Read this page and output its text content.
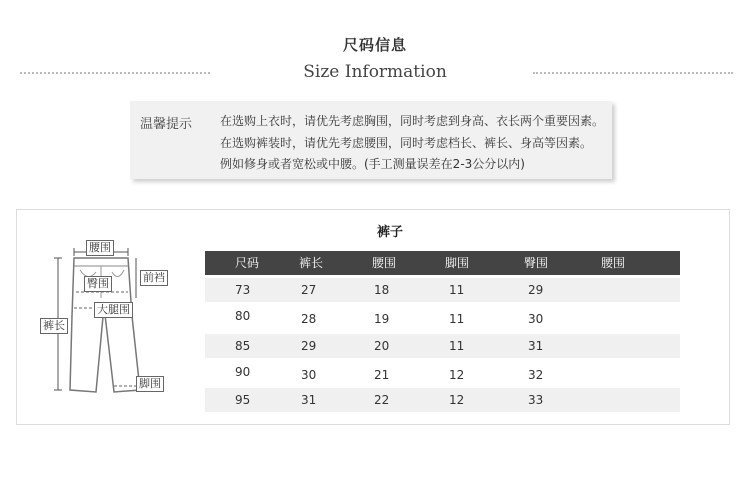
尺码信息
Size Information
温馨提示 在选购上衣时，请优先考虑胸围，同时考虑到身高、衣长两个重要因素。
在选购裤装时，请优先考虑腰围，同时考虑档长、裤长、身高等因素。
例如修身或者宽松或中腰。(手工测量误差在2-3公分以内)
腰围
臀围	前裆
大腿围
裤长
脚围
裤子
尺码	裤长	腰围	脚围	臀围	腰围
73	27	18	11	29
80	28	19	11	30
85	29	20	11	31
90	30	21	12	32
95	31	22	12	33
